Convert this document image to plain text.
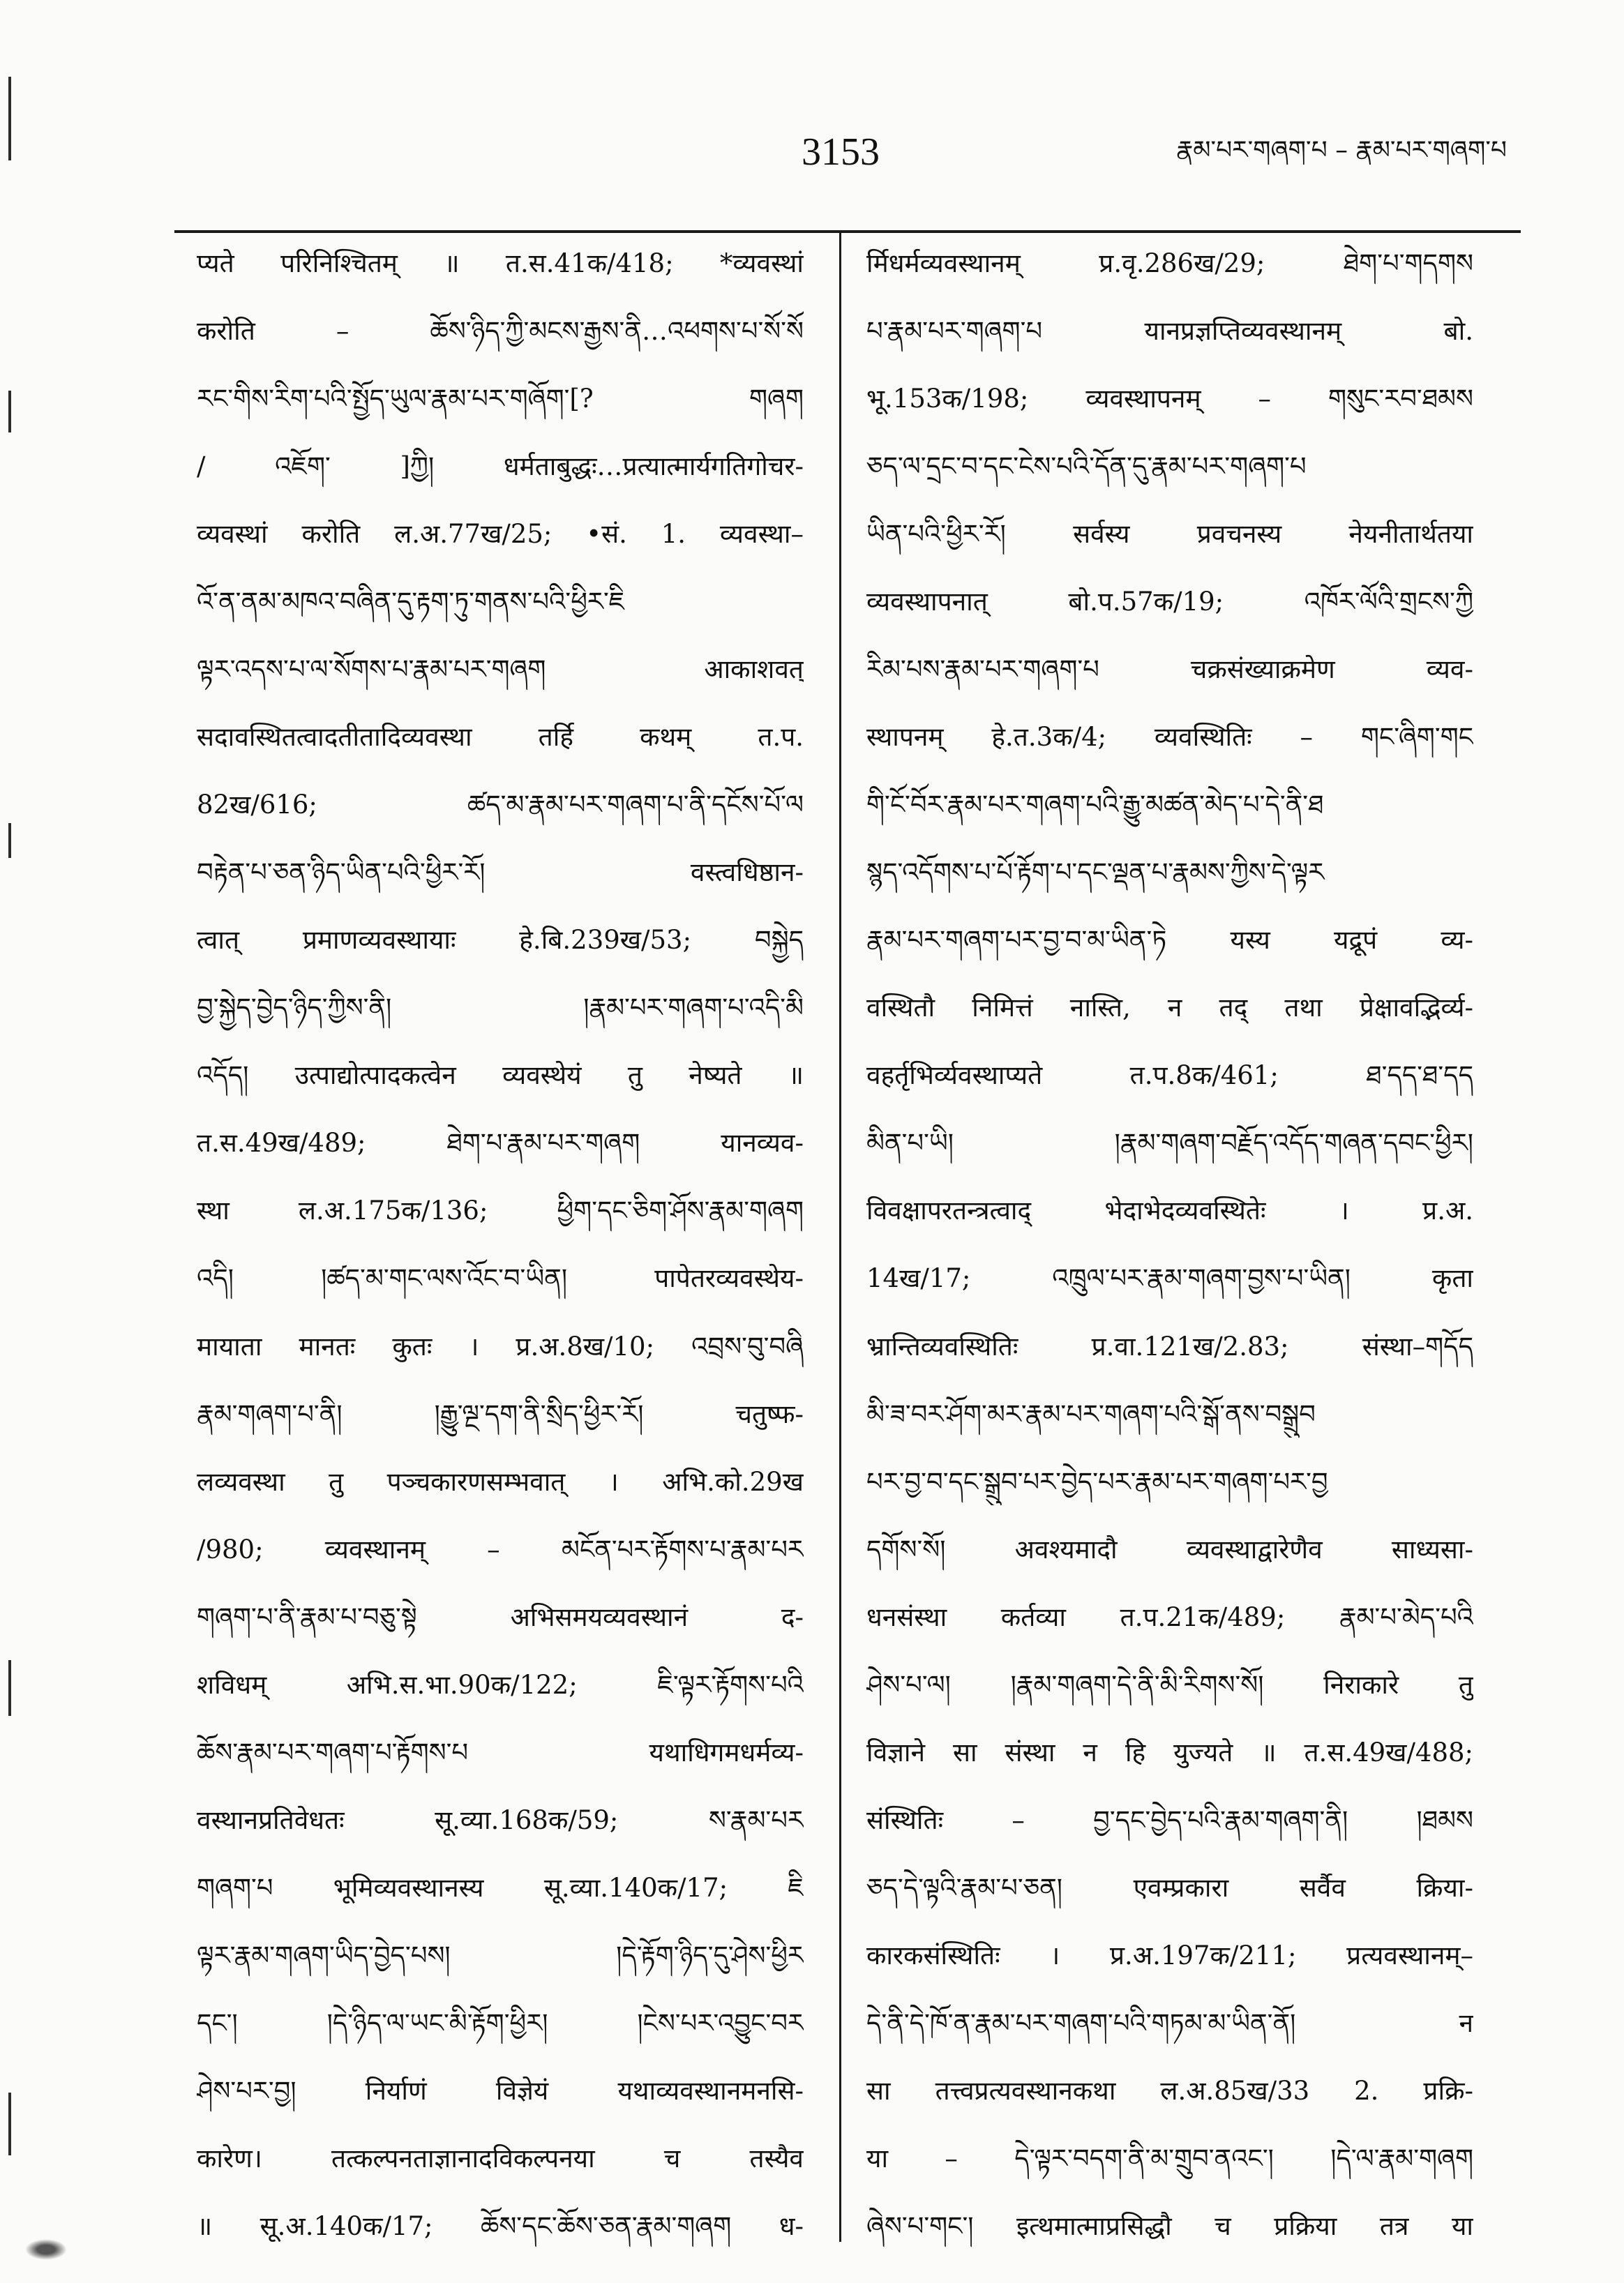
3153	རྣམ་པར་གཞག་པ – རྣམ་པར་གཞག་པ
प्यते परिनिश्चितम् ॥ त.स.41क/418; *व्यवस्थां
करोति – ཆོས་ཉིད་ཀྱི་མངས་རྒྱས་ནི…འཕགས་པ་སོ་སོ
རང་གིས་རིག་པའི་སྤྱོད་ཡུལ་རྣམ་པར་གཞོག་[? གཞག
/ འཇོག་ ]ཀྱི། धर्मताबुद्धः…प्रत्यात्मार्यगतिगोचर-
व्यवस्थां करोति ल.अ.77ख/25; •सं. 1. व्यवस्था–
འོ་ན་ནམ་མཁའ་བཞིན་དུ་རྟག་ཏུ་གནས་པའི་ཕྱིར་ཇི
ལྟར་འདས་པ་ལ་སོགས་པ་རྣམ་པར་གཞག आकाशवत्
सदावस्थितत्वादतीतादिव्यवस्था तर्हि कथम् त.प.
82ख/616; ཚད་མ་རྣམ་པར་གཞག་པ་ནི་དངོས་པོ་ལ
བརྟེན་པ་ཅན་ཉིད་ཡིན་པའི་ཕྱིར་རོ། वस्त्वधिष्ठान-
त्वात् प्रमाणव्यवस्थायाः हे.बि.239ख/53; བསྐྱེད
བྱ་སྐྱེད་བྱེད་ཉིད་ཀྱིས་ནི། །རྣམ་པར་གཞག་པ་འདི་མི
འདོད། उत्पाद्योत्पादकत्वेन व्यवस्थेयं तु नेष्यते ॥
त.स.49ख/489; ཐེག་པ་རྣམ་པར་གཞག यानव्यव-
स्था ल.अ.175क/136; ཕྱིག་དང་ཅིག་ཤོས་རྣམ་གཞག
འདི། །ཚད་མ་གང་ལས་འོང་བ་ཡིན། पापेतरव्यवस्थेय-
मायाता मानतः कुतः । प्र.अ.8ख/10; འབྲས་བུ་བཞི
རྣམ་གཞག་པ་ནི། །རྒྱུ་ལྔ་དག་ནི་སྲིད་ཕྱིར་རོ། चतुष्फ-
लव्यवस्था तु पञ्चकारणसम्भवात् । अभि.को.29ख
/980; व्यवस्थानम् – མངོན་པར་རྟོགས་པ་རྣམ་པར
གཞག་པ་ནི་རྣམ་པ་བཅུ་སྟེ अभिसमयव्यवस्थानं द-
शविधम् अभि.स.भा.90क/122; ཇི་ལྟར་རྟོགས་པའི
ཆོས་རྣམ་པར་གཞག་པ་རྟོགས་པ यथाधिगमधर्मव्य-
वस्थानप्रतिवेधतः सू.व्या.168क/59; ས་རྣམ་པར
གཞག་པ भूमिव्यवस्थानस्य सू.व्या.140क/17; ཇི
ལྟར་རྣམ་གཞག་ཡིད་བྱེད་པས། །དེ་རྟོག་ཉིད་དུ་ཤེས་ཕྱིར
དང་། །དེ་ཉིད་ལ་ཡང་མི་རྟོག་ཕྱིར། །ངེས་པར་འབྱུང་བར
ཤེས་པར་བྱ། निर्याणं विज्ञेयं यथाव्यवस्थानमनसि-
कारेण। तत्कल्पनताज्ञानादविकल्पनया च तस्यैव
॥ सू.अ.140क/17; ཆོས་དང་ཆོས་ཅན་རྣམ་གཞག ध-
र्मिधर्मव्यवस्थानम् प्र.वृ.286ख/29; ཐེག་པ་གདགས
པ་རྣམ་པར་གཞག་པ यानप्रज्ञप्तिव्यवस्थानम् बो.
भू.153क/198; व्यवस्थापनम् – གསུང་རབ་ཐམས
ཅད་ལ་དྲང་བ་དང་ངེས་པའི་དོན་དུ་རྣམ་པར་གཞག་པ
ཡིན་པའི་ཕྱིར་རོ། सर्वस्य प्रवचनस्य नेयनीतार्थतया
व्यवस्थापनात् बो.प.57क/19; འཁོར་ལོའི་གྲངས་ཀྱི
རིམ་པས་རྣམ་པར་གཞག་པ चक्रसंख्याक्रमेण व्यव-
स्थापनम् हे.त.3क/4; व्यवस्थितिः – གང་ཞིག་གང
གི་ངོ་བོར་རྣམ་པར་གཞག་པའི་རྒྱུ་མཚན་མེད་པ་དེ་ནི་ཐ
སྙད་འདོགས་པ་པོ་རྟོག་པ་དང་ལྡན་པ་རྣམས་ཀྱིས་དེ་ལྟར
རྣམ་པར་གཞག་པར་བྱ་བ་མ་ཡིན་ཏེ यस्य यद्रूपं व्य-
वस्थितौ निमित्तं नास्ति, न तद् तथा प्रेक्षावद्भिर्व्य-
वहर्तृभिर्व्यवस्थाप्यते त.प.8क/461; ཐ་དད་ཐ་དད
མིན་པ་ཡི། །རྣམ་གཞག་བརྗོད་འདོད་གཞན་དབང་ཕྱིར།
विवक्षापरतन्त्रत्वाद् भेदाभेदव्यवस्थितेः । प्र.अ.
14ख/17; འཁྲུལ་པར་རྣམ་གཞག་བྱས་པ་ཡིན། कृता
भ्रान्तिव्यवस्थितिः प्र.वा.121ख/2.83; संस्था–གདོད
མི་ཟ་བར་ཤོག་མར་རྣམ་པར་གཞག་པའི་སྒོ་ནས་བསྒྲུབ
པར་བྱ་བ་དང་སྒྲུབ་པར་བྱེད་པར་རྣམ་པར་གཞག་པར་བྱ
དགོས་སོ། अवश्यमादौ व्यवस्थाद्वारेणैव साध्यसा-
धनसंस्था कर्तव्या त.प.21क/489; རྣམ་པ་མེད་པའི
ཤེས་པ་ལ། །རྣམ་གཞག་དེ་ནི་མི་རིགས་སོ། निराकारे तु
विज्ञाने सा संस्था न हि युज्यते ॥ त.स.49ख/488;
संस्थितिः – བྱ་དང་བྱེད་པའི་རྣམ་གཞག་ནི། །ཐམས
ཅད་དེ་ལྟའི་རྣམ་པ་ཅན། एवम्प्रकारा सर्वैव क्रिया-
कारकसंस्थितिः । प्र.अ.197क/211; प्रत्यवस्थानम्–
དེ་ནི་དེ་ཁོ་ན་རྣམ་པར་གཞག་པའི་གཏམ་མ་ཡིན་ནོ། न
सा तत्त्वप्रत्यवस्थानकथा ल.अ.85ख/33 2. प्रक्रि-
या – དེ་ལྟར་བདག་ནི་མ་གྲུབ་ནའང་། །དེ་ལ་རྣམ་གཞག
ཞེས་པ་གང་། इत्थमात्माप्रसिद्धौ च प्रक्रिया तत्र या
